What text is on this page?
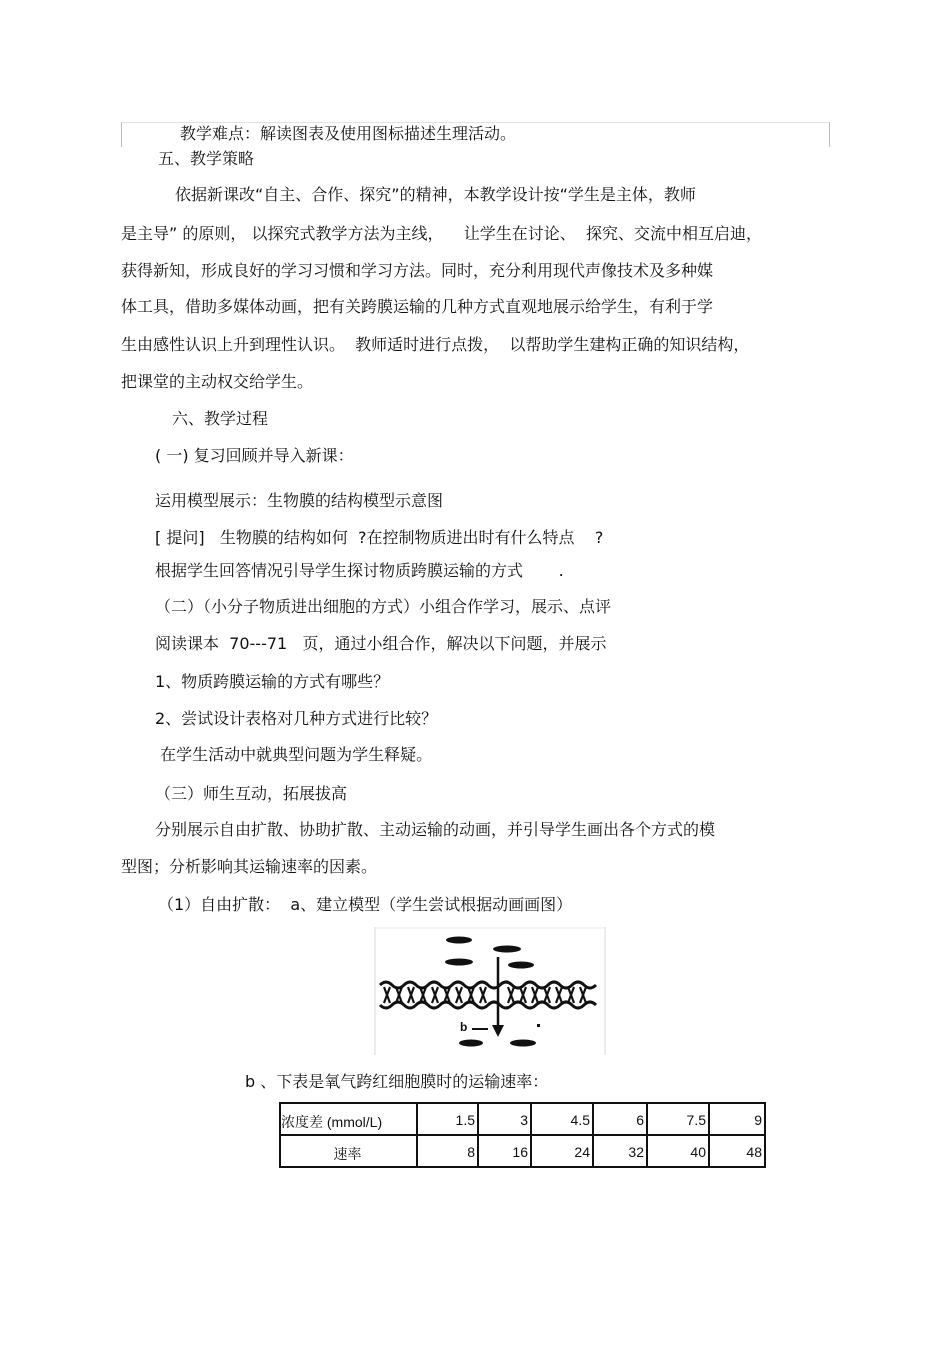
教学难点：解读图表及使用图标描述生理活动。
五、教学策略
依据新课改“自主、合作、探究”的精神，本教学设计按“学生是主体，教师
是主导” 的原则， 以探究式教学方法为主线，    让学生在讨论、  探究、交流中相互启迪，
获得新知，形成良好的学习习惯和学习方法。同时，充分利用现代声像技术及多种媒
体工具，借助多媒体动画，把有关跨膜运输的几种方式直观地展示给学生，有利于学
生由感性认识上升到理性认识。  教师适时进行点拨，  以帮助学生建构正确的知识结构，
把课堂的主动权交给学生。
六、教学过程
( 一) 复习回顾并导入新课：
运用模型展示：生物膜的结构模型示意图
[ 提问]   生物膜的结构如何  ?在控制物质进出时有什么特点    ?
根据学生回答情况引导学生探讨物质跨膜运输的方式       .
（二）（小分子物质进出细胞的方式）小组合作学习，展示、点评
阅读课本  70---71   页，通过小组合作，解决以下问题，并展示
1、物质跨膜运输的方式有哪些？
2、尝试设计表格对几种方式进行比较？
在学生活动中就典型问题为学生释疑。
（三）师生互动，拓展拔高
分别展示自由扩散、协助扩散、主动运输的动画，并引导学生画出各个方式的模
型图；分析影响其运输速率的因素。
（1）自由扩散：  a、建立模型（学生尝试根据动画画图）
b
b 、下表是氧气跨红细胞膜时的运输速率：
浓度差 (mmol/L)	1.5	3	4.5	6	7.5	9
速率	8	16	24	32	40	48
